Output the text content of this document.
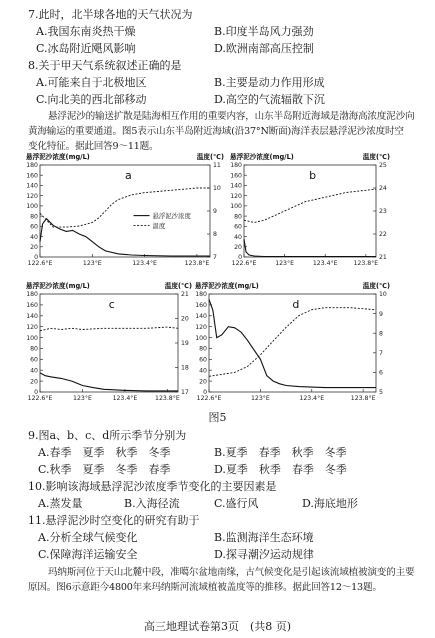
7.此时，北半球各地的天气状况为
A.我国东南炎热干燥	B.印度半岛风力强劲
C.冰岛附近飓风影响	D.欧洲南部高压控制
8.关于甲天气系统叙述正确的是
A.可能来自于北极地区	B.主要是动力作用形成
C.向北美的西北部移动	D.高空的气流辐散下沉
悬浮泥沙的输送扩散是陆海相互作用的重要内容，山东半岛附近海域是渤海高浓度泥沙向
黄海输运的重要通道。图5表示山东半岛附近海域(沿37°N断面)海洋表层悬浮泥沙浓度时空
变化特征。据此回答9～11题。
0
20
40
60
80
100
120
140
160
180
7
8
9
10
11
122.6°E	123°E	123.4°E	123.8°E
悬浮泥沙浓度(mg/L)	温度(℃)
a
悬浮泥沙浓度
温度
0
20
40
60
80
100
120
140
160
180
21
22
23
24
25
122.6°E	123°E	123.4°E	123.8°E
悬浮泥沙浓度(mg/L)	温度(℃)
b
0
20
40
60
80
100
120
140
160
180
17
18
19
20
21
122.6°E	123°E	123.4°E	123.8°E
悬浮泥沙浓度(mg/L)	温度(℃)
c
0
20
40
60
80
100
120
140
160
180
5
6
7
8
9
10
122.6°E	123°E	123.4°E	123.8°E
悬浮泥沙浓度(mg/L)	温度(℃)
d
图5
9.图a、b、c、d所示季节分别为
A.春季　夏季　秋季　冬季	B.夏季　春季　秋季　冬季
C.秋季　夏季　冬季　春季	D.夏季　秋季　春季　冬季
10.影响该海域悬浮泥沙浓度季节变化的主要因素是
A.蒸发量	B.入海径流	C.盛行风	D.海底地形
11.悬浮泥沙时空变化的研究有助于
A.分析全球气候变化	B.监测海洋生态环境
C.保障海洋运输安全	D.探寻潮汐运动规律
玛纳斯河位于天山北麓中段，准噶尔盆地南缘，古气候变化是引起该流域植被演变的主要
原因。图6示意距今4800年来玛纳斯河流域植被盖度等的推移。据此回答12～13题。
高三地理试卷第3页　(共8 页)
